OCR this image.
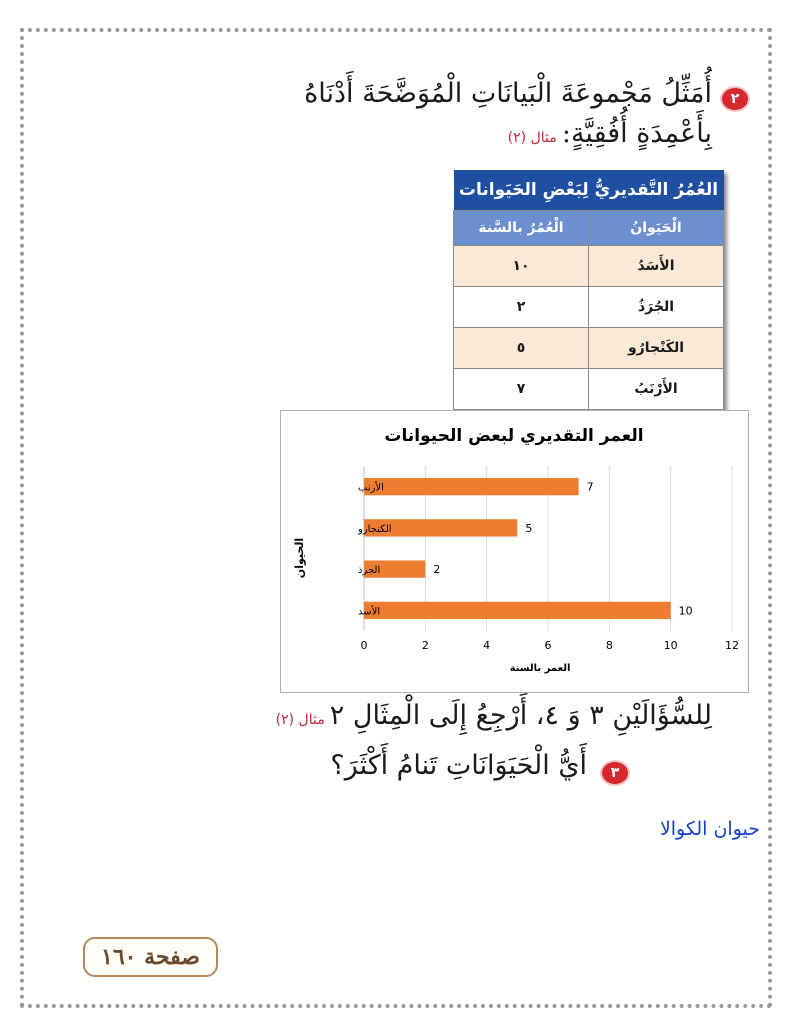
٢
أُمَثِّلُ مَجْموعَةَ الْبَيانَاتِ الْمُوَضَّحَةَ أَدْنَاهُ
بِأَعْمِدَةٍ أُفُقِيَّةٍ: مثال (٢)
العُمُرُ التَّقديريُّ لِبَعْضِ الحَيَوانات	
الْحَيَوانُ	الْعُمُرُ بالسَّنة
الأَسَدُ	١٠
الجُرَذُ	٢
الكَنْجارُو	٥
الأَرْنَبُ	٧
العمر التقديري لبعض الحيوانات
العمر بالسنة
الحيوان
0	2	4	6	8	10	12
10
الأسد
2
الجرذ
5
الكنجارو
7
الأرنب
لِلسُّؤَالَيْنِ ٣ وَ ٤، أَرْجِعُ إِلَى الْمِثَالِ ٢ مثال (٢)
٣
أَيُّ الْحَيَوَانَاتِ تَنامُ أَكْثَرَ؟
حيوان الكوالا
صفحة ١٦٠
